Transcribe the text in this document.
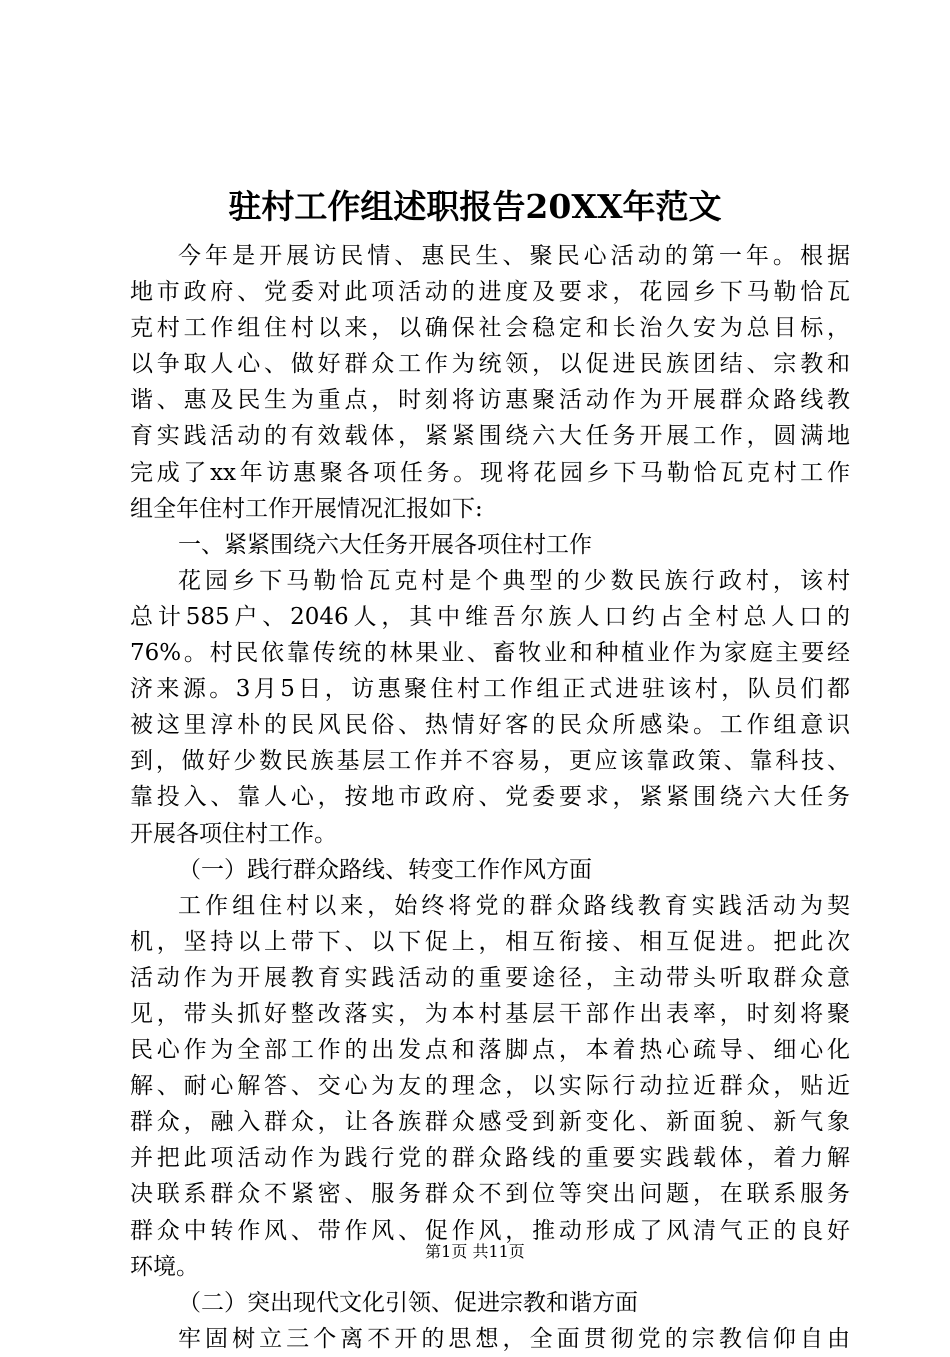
驻村工作组述职报告20XX年范文
今年是开展访民情、惠民生、聚民心活动的第一年。根据
地市政府、党委对此项活动的进度及要求，花园乡下马勒恰瓦
克村工作组住村以来，以确保社会稳定和长治久安为总目标，
以争取人心、做好群众工作为统领，以促进民族团结、宗教和
谐、惠及民生为重点，时刻将访惠聚活动作为开展群众路线教
育实践活动的有效载体，紧紧围绕六大任务开展工作，圆满地
完成了xx年访惠聚各项任务。现将花园乡下马勒恰瓦克村工作
组全年住村工作开展情况汇报如下:
一、紧紧围绕六大任务开展各项住村工作
花园乡下马勒恰瓦克村是个典型的少数民族行政村，该村
总计585户、2046人，其中维吾尔族人口约占全村总人口的
76%。村民依靠传统的林果业、畜牧业和种植业作为家庭主要经
济来源。3月5日，访惠聚住村工作组正式进驻该村，队员们都
被这里淳朴的民风民俗、热情好客的民众所感染。工作组意识
到，做好少数民族基层工作并不容易，更应该靠政策、靠科技、
靠投入、靠人心，按地市政府、党委要求，紧紧围绕六大任务
开展各项住村工作。
（一）践行群众路线、转变工作作风方面
工作组住村以来，始终将党的群众路线教育实践活动为契
机，坚持以上带下、以下促上，相互衔接、相互促进。把此次
活动作为开展教育实践活动的重要途径，主动带头听取群众意
见，带头抓好整改落实，为本村基层干部作出表率，时刻将聚
民心作为全部工作的出发点和落脚点，本着热心疏导、细心化
解、耐心解答、交心为友的理念，以实际行动拉近群众，贴近
群众，融入群众，让各族群众感受到新变化、新面貌、新气象
并把此项活动作为践行党的群众路线的重要实践载体，着力解
决联系群众不紧密、服务群众不到位等突出问题，在联系服务
群众中转作风、带作风、促作风，推动形成了风清气正的良好
环境。
（二）突出现代文化引领、促进宗教和谐方面
牢固树立三个离不开的思想，全面贯彻党的宗教信仰自由
第1页 共11页
